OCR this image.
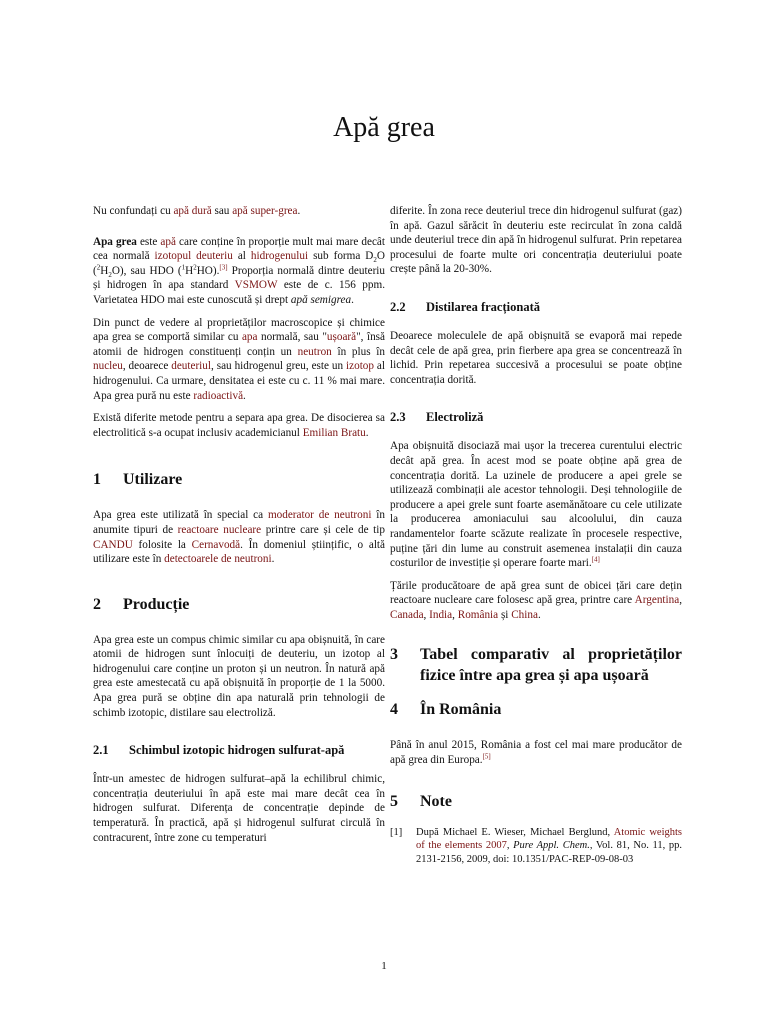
Apă grea

Nu confundați cu apă dură sau apă super-grea.

Apa grea este apă care conține în proporție mult mai mare decât cea normală izotopul deuteriu al hidrogenului sub forma $D_2O$ $(^2H_2O)$, sau HDO $(^1H^2HO).[3]$ Proporția normală dintre deuteriu și hidrogen în apa standard VSMOW este de c. 156 ppm. Varietatea HDO mai este cunoscută și drept apă semigrea.

Din punct de vedere al proprietăților macroscopice și chimice apa grea se comportă similar cu apa normală, sau "ușoară", însă atomii de hidrogen constituenți conțin un neutron în plus în nucleu, deoarece deuteriul, sau hidrogenul greu, este un izotop al hidrogenului. Ca urmare, densitatea ei este cu c. 11 % mai mare. Apa grea pură nu este radioactivă.

Există diferite metode pentru a separa apa grea. De disocierea sa electrolitică s-a ocupat inclusiv academicianul Emilian Bratu.

1	Utilizare

Apa grea este utilizată în special ca moderator de neutroni în anumite tipuri de reactoare nucleare printre care și cele de tip CANDU folosite la Cernavodă. În domeniul științific, o altă utilizare este în detectoarele de neutroni.

2	Producție

Apa grea este un compus chimic similar cu apa obișnuită, în care atomii de hidrogen sunt înlocuiți de deuteriu, un izotop al hidrogenului care conține un proton și un neutron. În natură apă grea este amestecată cu apă obișnuită în proporție de 1 la 5000. Apa grea pură se obține din apa naturală prin tehnologii de schimb izotopic, distilare sau electroliză.

2.1	Schimbul izotopic hidrogen sulfurat-apă

Într-un amestec de hidrogen sulfurat–apă la echilibrul chimic, concentrația deuteriului în apă este mai mare decât cea în hidrogen sulfurat. Diferența de concentrație depinde de temperatură. În practică, apă și hidrogenul sulfurat circulă în contracurent, între zone cu temperaturi

diferite. În zona rece deuteriul trece din hidrogenul sulfurat (gaz) în apă. Gazul sărăcit în deuteriu este recirculat în zona caldă unde deuteriul trece din apă în hidrogenul sulfurat. Prin repetarea procesului de foarte multe ori concentrația deuteriului poate crește până la 20-30%.

2.2	Distilarea fracționată

Deoarece moleculele de apă obișnuită se evaporă mai repede decât cele de apă grea, prin fierbere apa grea se concentrează în lichid. Prin repetarea succesivă a procesului se poate obține concentrația dorită.

2.3	Electroliză

Apa obișnuită disociază mai ușor la trecerea curentului electric decât apă grea. În acest mod se poate obține apă grea de concentrația dorită. La uzinele de producere a apei grele se utilizează combinații ale acestor tehnologii. Deși tehnologiile de producere a apei grele sunt foarte asemănătoare cu cele utilizate la producerea amoniacului sau alcoolului, din cauza randamentelor foarte scăzute realizate în procesele respective, puține țări din lume au construit asemenea instalații din cauza costurilor de investiție și operare foarte mari.[4]

Țările producătoare de apă grea sunt de obicei țări care dețin reactoare nucleare care folosesc apă grea, printre care Argentina, Canada, India, România și China.

3	Tabel comparativ al proprietăților fizice între apa grea și apa ușoară
4	În România

Până în anul 2015, România a fost cel mai mare producător de apă grea din Europa.[5]

5	Note
[1]	După Michael E. Wieser, Michael Berglund, Atomic weights of the elements 2007, Pure Appl. Chem., Vol. 81, No. 11, pp. 2131-2156, 2009, doi: 10.1351/PAC-REP-09-08-03
1
